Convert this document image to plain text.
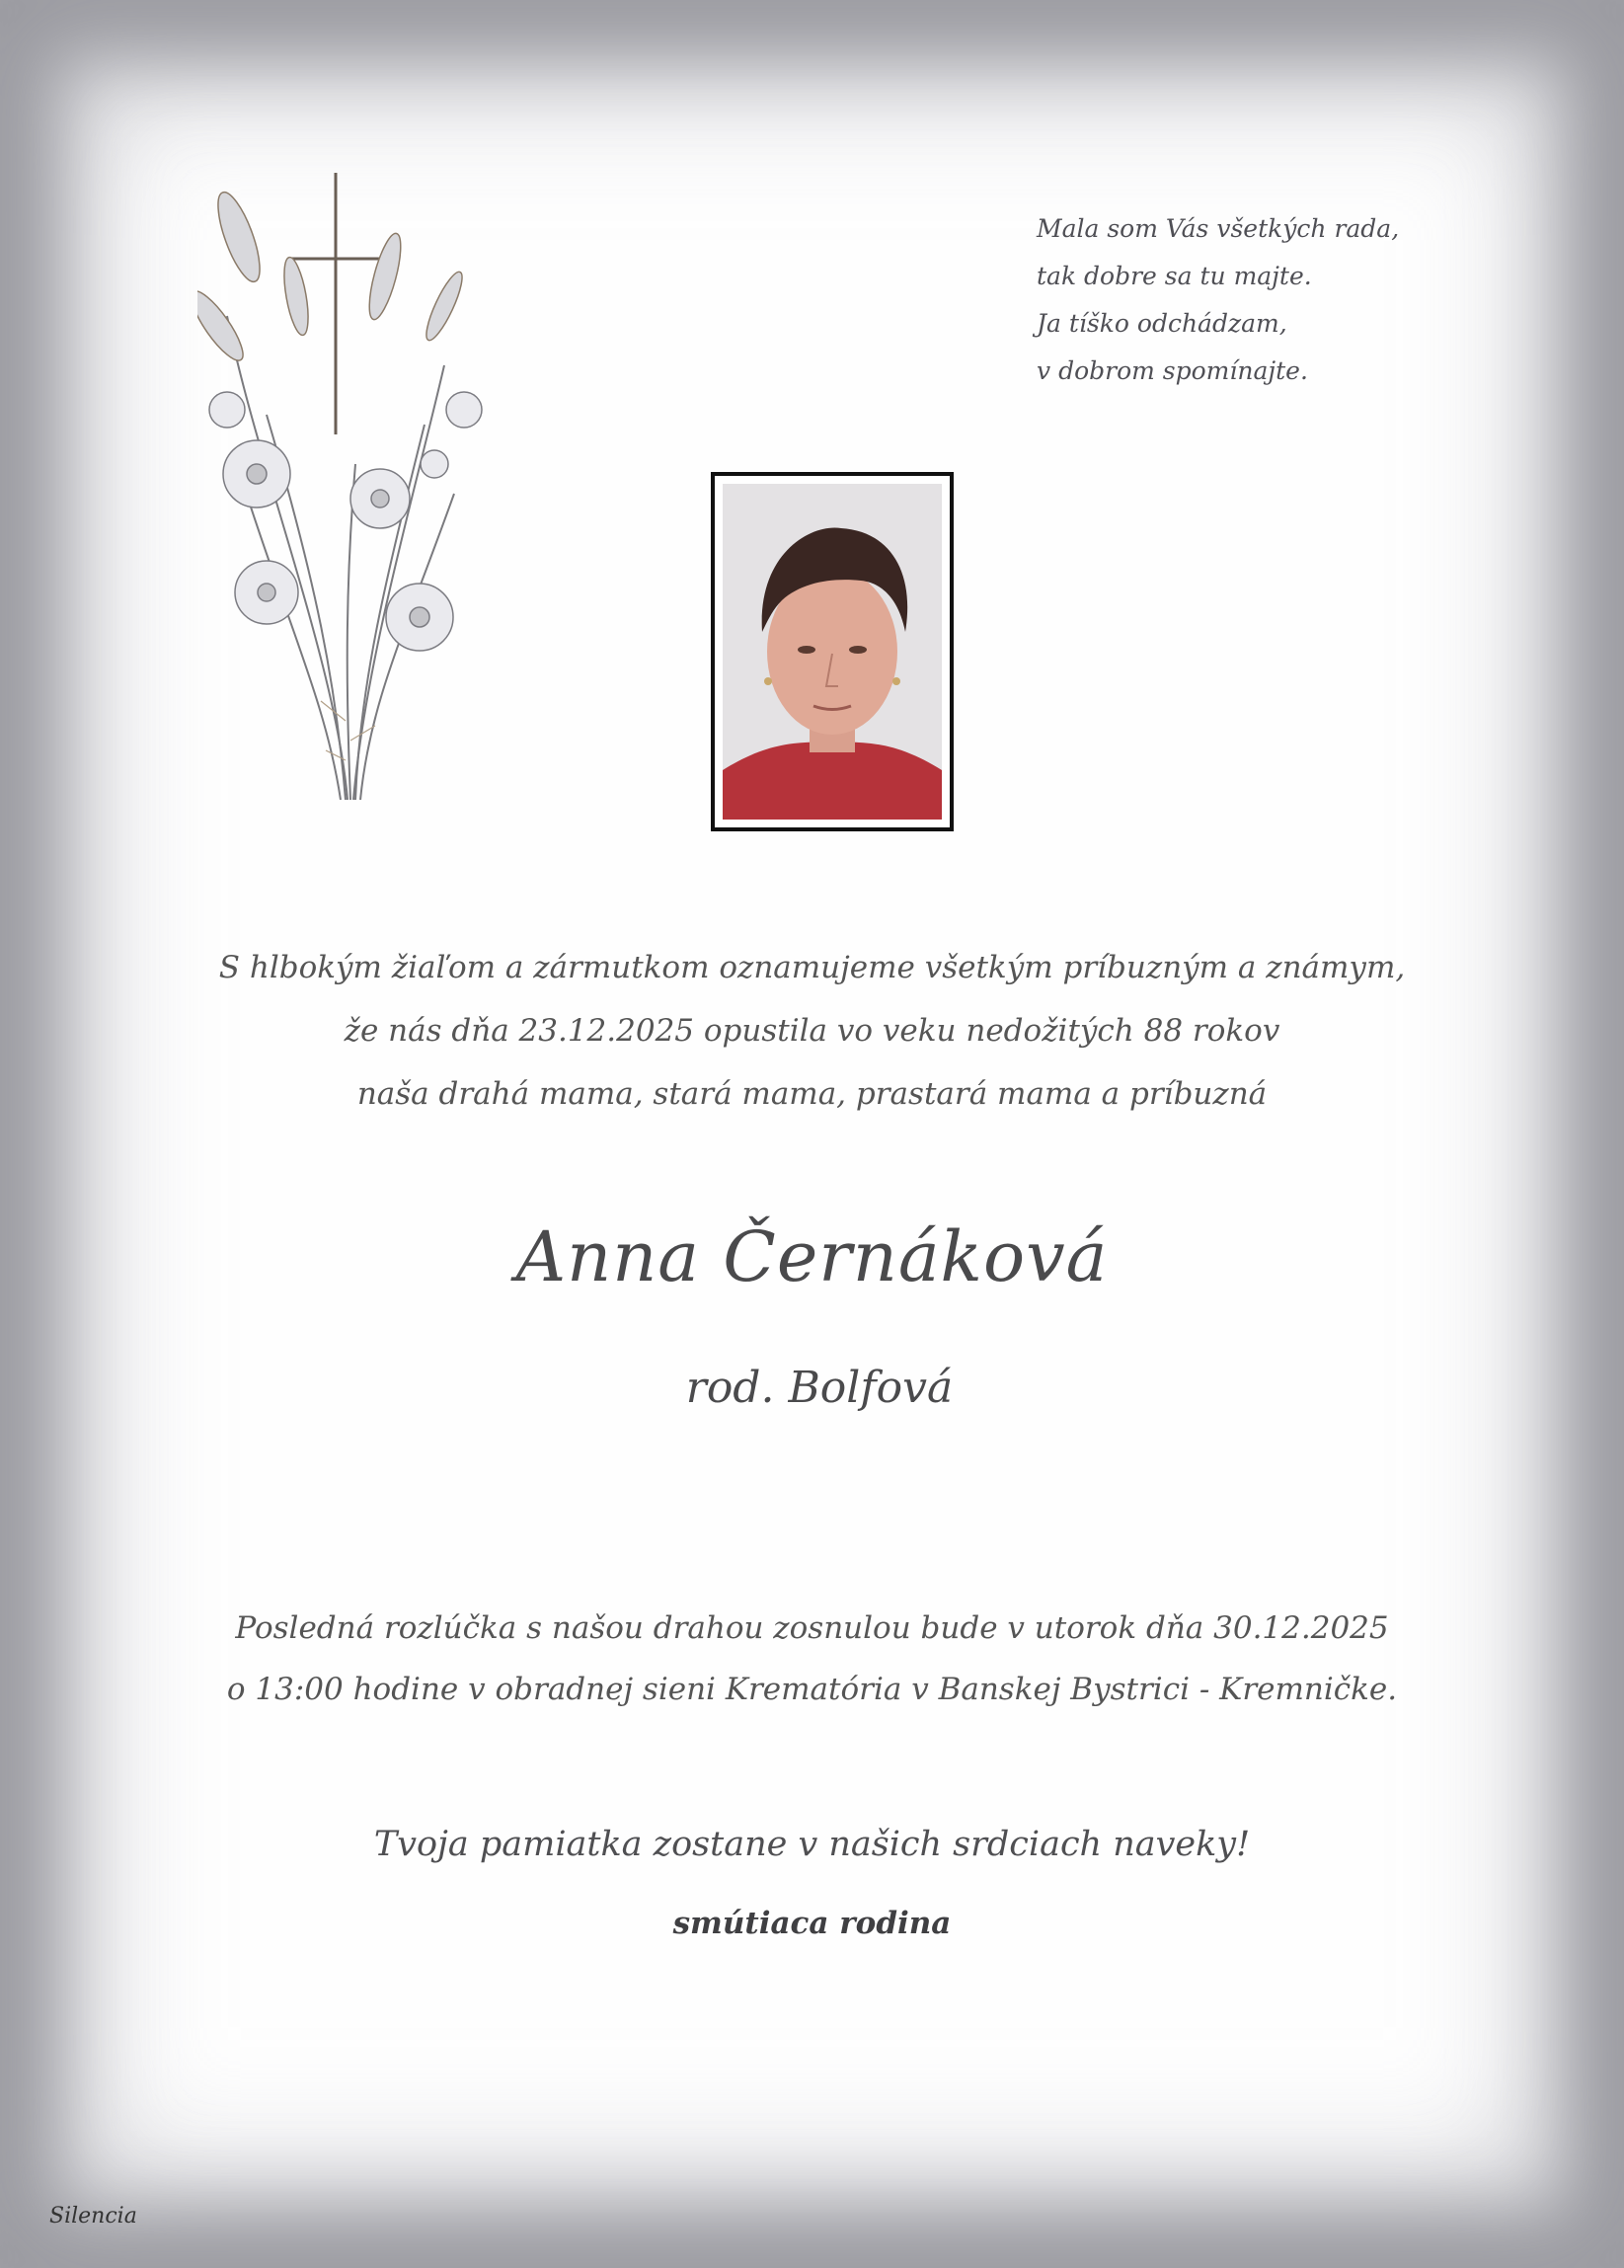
Mala som Vás všetkých rada,
tak dobre sa tu majte.
Ja tíško odchádzam,
v dobrom spomínajte.
S hlbokým žiaľom a zármutkom oznamujeme všetkým príbuzným a známym,
že nás dňa 23.12.2025 opustila vo veku nedožitých 88 rokov
naša drahá mama, stará mama, prastará mama a príbuzná
Anna Černáková
rod. Bolfová
Posledná rozlúčka s našou drahou zosnulou bude v utorok dňa 30.12.2025
o 13:00 hodine v obradnej sieni Krematória v Banskej Bystrici - Kremničke.
Tvoja pamiatka zostane v našich srdciach naveky!
smútiaca rodina
Silencia
